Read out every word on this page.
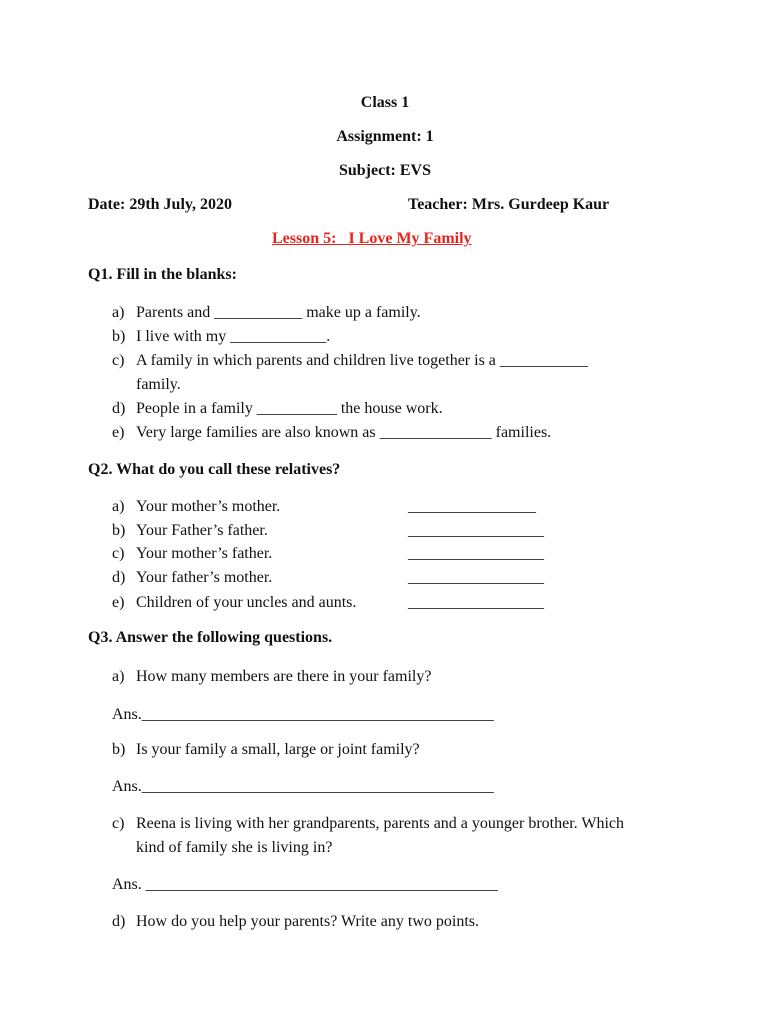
Class 1
Assignment: 1
Subject: EVS
Date: 29th July, 2020	Teacher: Mrs. Gurdeep Kaur
Lesson 5: I Love My Family
Q1. Fill in the blanks:
a) Parents and ___________ make up a family.
b) I live with my ____________.
c) A family in which parents and children live together is a ___________
family.
d) People in a family __________ the house work.
e) Very large families are also known as ______________ families.
Q2. What do you call these relatives?
a) Your mother’s mother.	________________
b) Your Father’s father.	_________________
c) Your mother’s father.	_________________
d) Your father’s mother.	_________________
e) Children of your uncles and aunts.	_________________
Q3. Answer the following questions.
a) How many members are there in your family?
Ans.____________________________________________
b) Is your family a small, large or joint family?
Ans.____________________________________________
c) Reena is living with her grandparents, parents and a younger brother. Which
kind of family she is living in?
Ans. ____________________________________________
d) How do you help your parents? Write any two points.
